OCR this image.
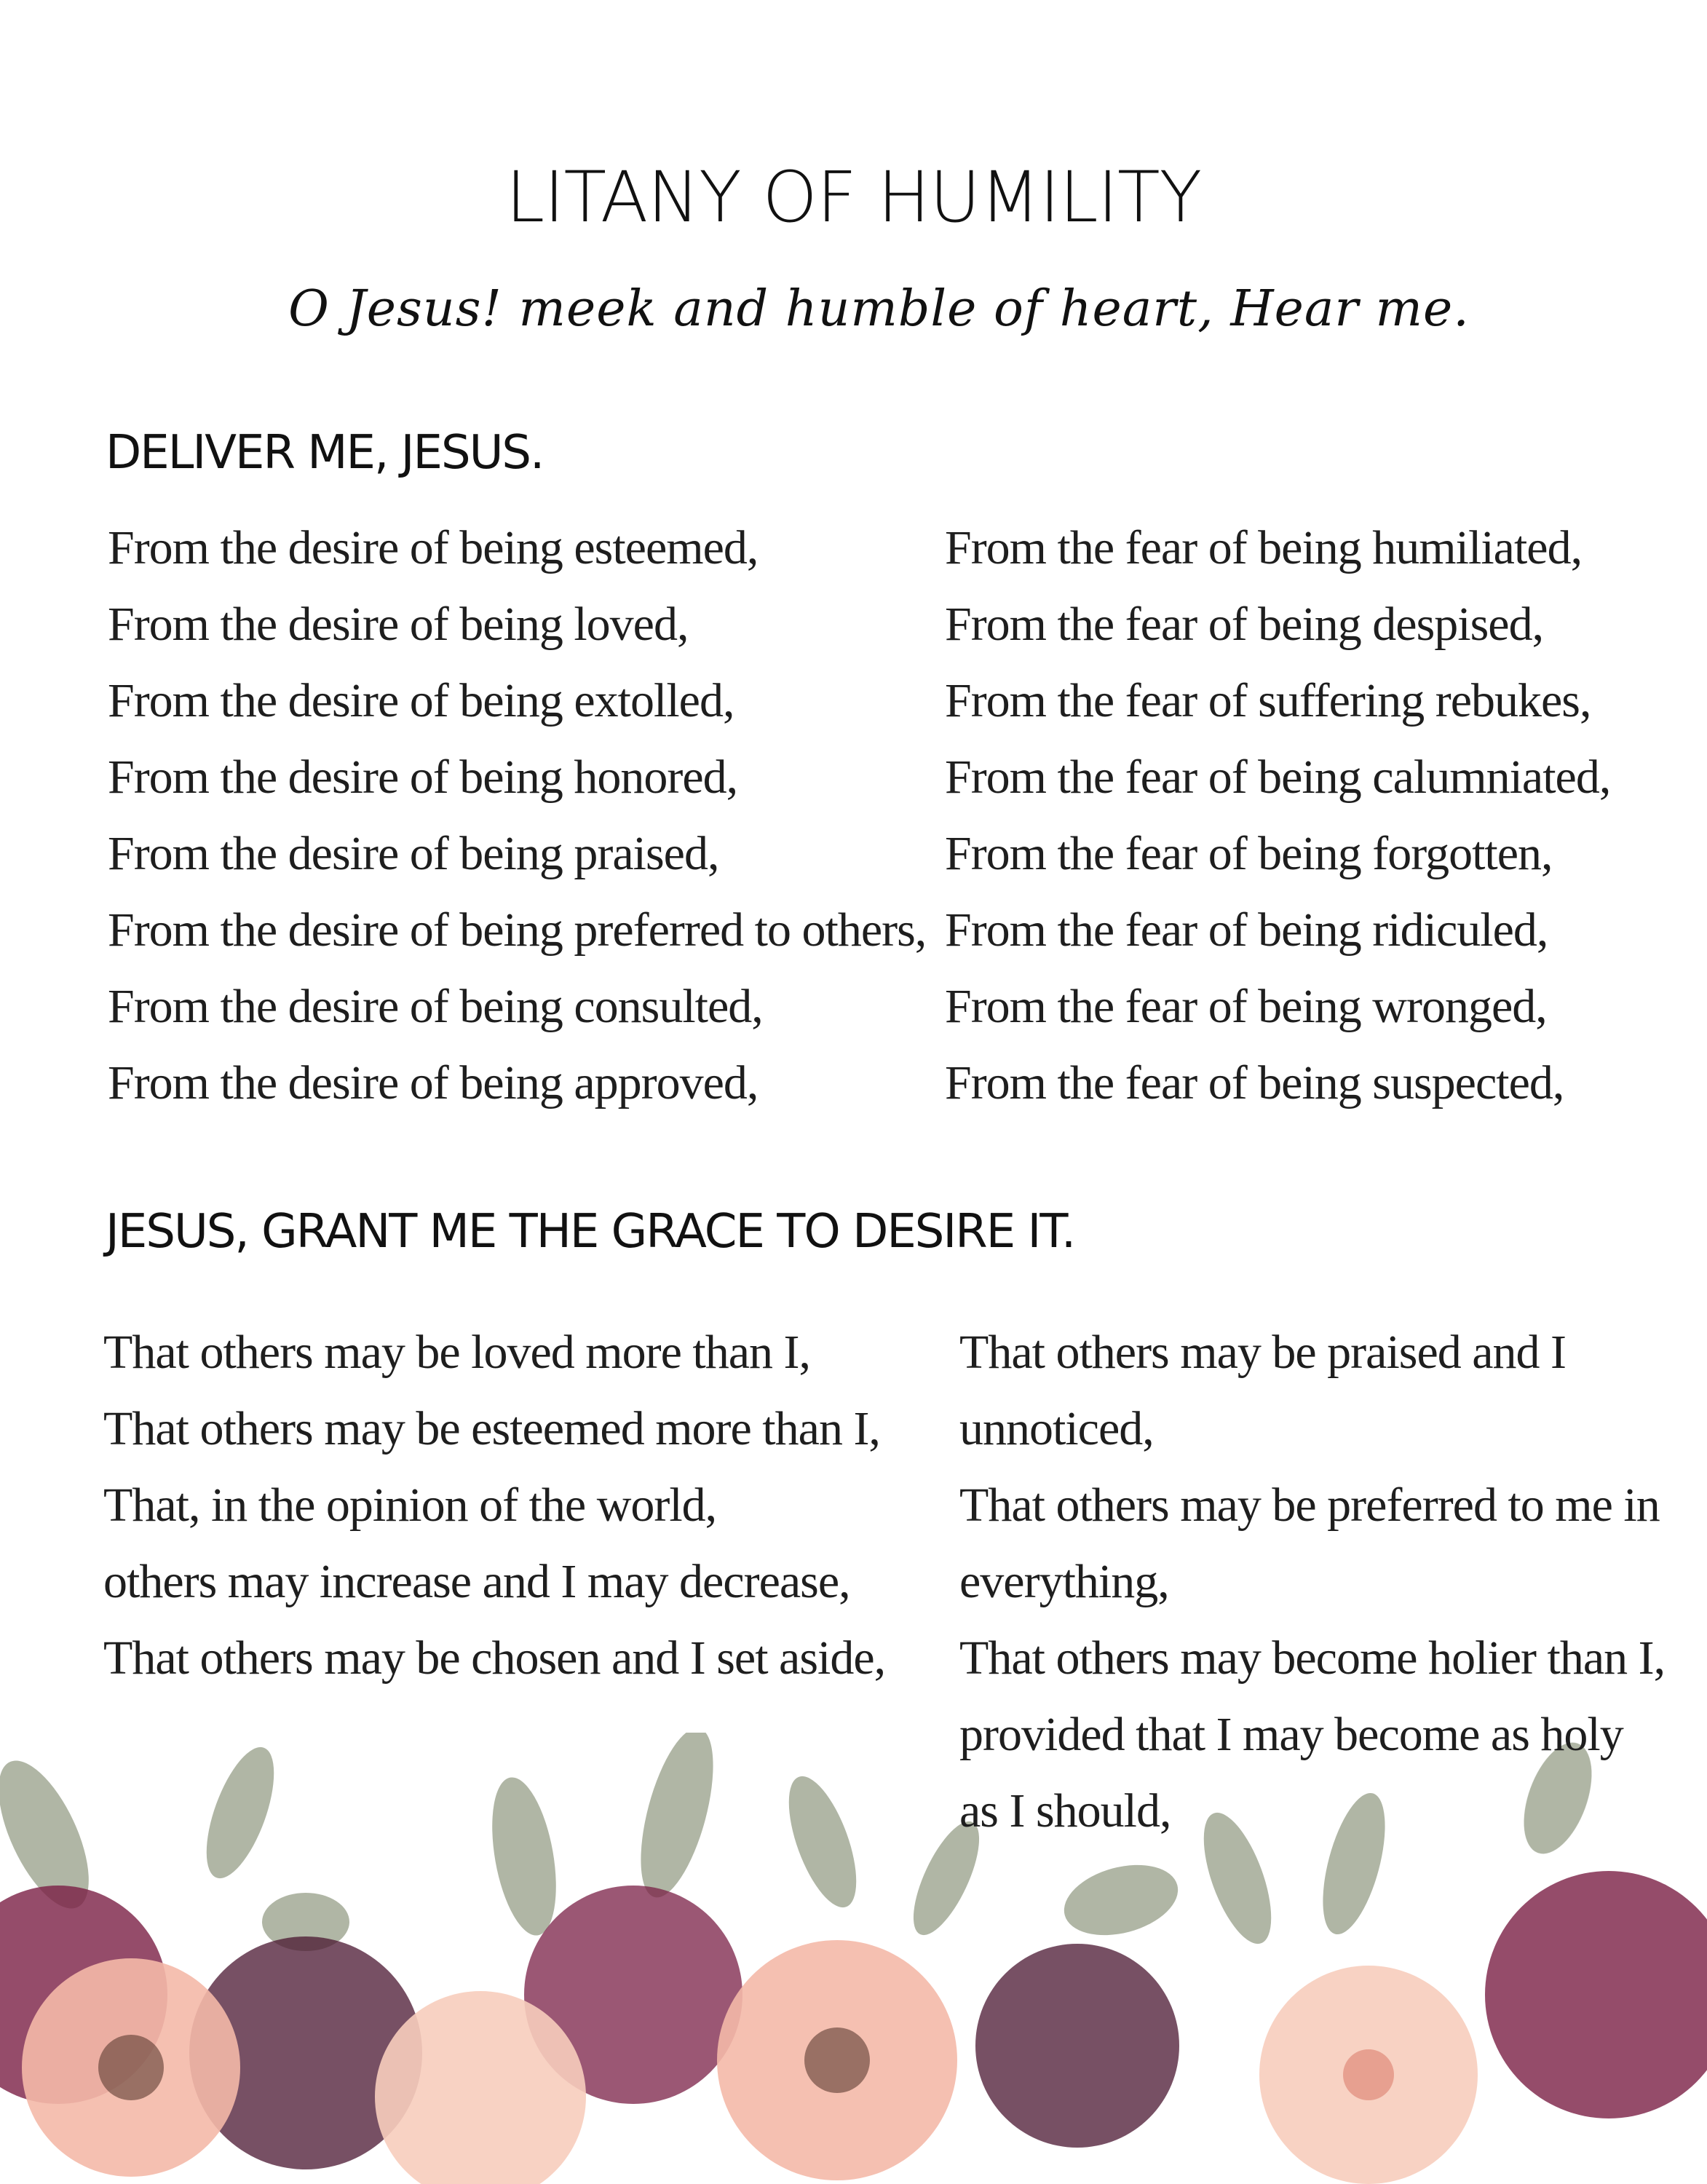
LITANY OF HUMILITY
O Jesus! meek and humble of heart, Hear me.
DELIVER ME, JESUS.
From the desire of being esteemed,
From the desire of being loved,
From the desire of being extolled,
From the desire of being honored,
From the desire of being praised,
From the desire of being preferred to others,
From the desire of being consulted,
From the desire of being approved,
From the fear of being humiliated,
From the fear of being despised,
From the fear of suffering rebukes,
From the fear of being calumniated,
From the fear of being forgotten,
From the fear of being ridiculed,
From the fear of being wronged,
From the fear of being suspected,
JESUS, GRANT ME THE GRACE TO DESIRE IT.
That others may be loved more than I,
That others may be esteemed more than I,
That, in the opinion of the world,
others may increase and I may decrease,
That others may be chosen and I set aside,
That others may be praised and I
unnoticed,
That others may be preferred to me in
everything,
That others may become holier than I,
provided that I may become as holy
as I should,
